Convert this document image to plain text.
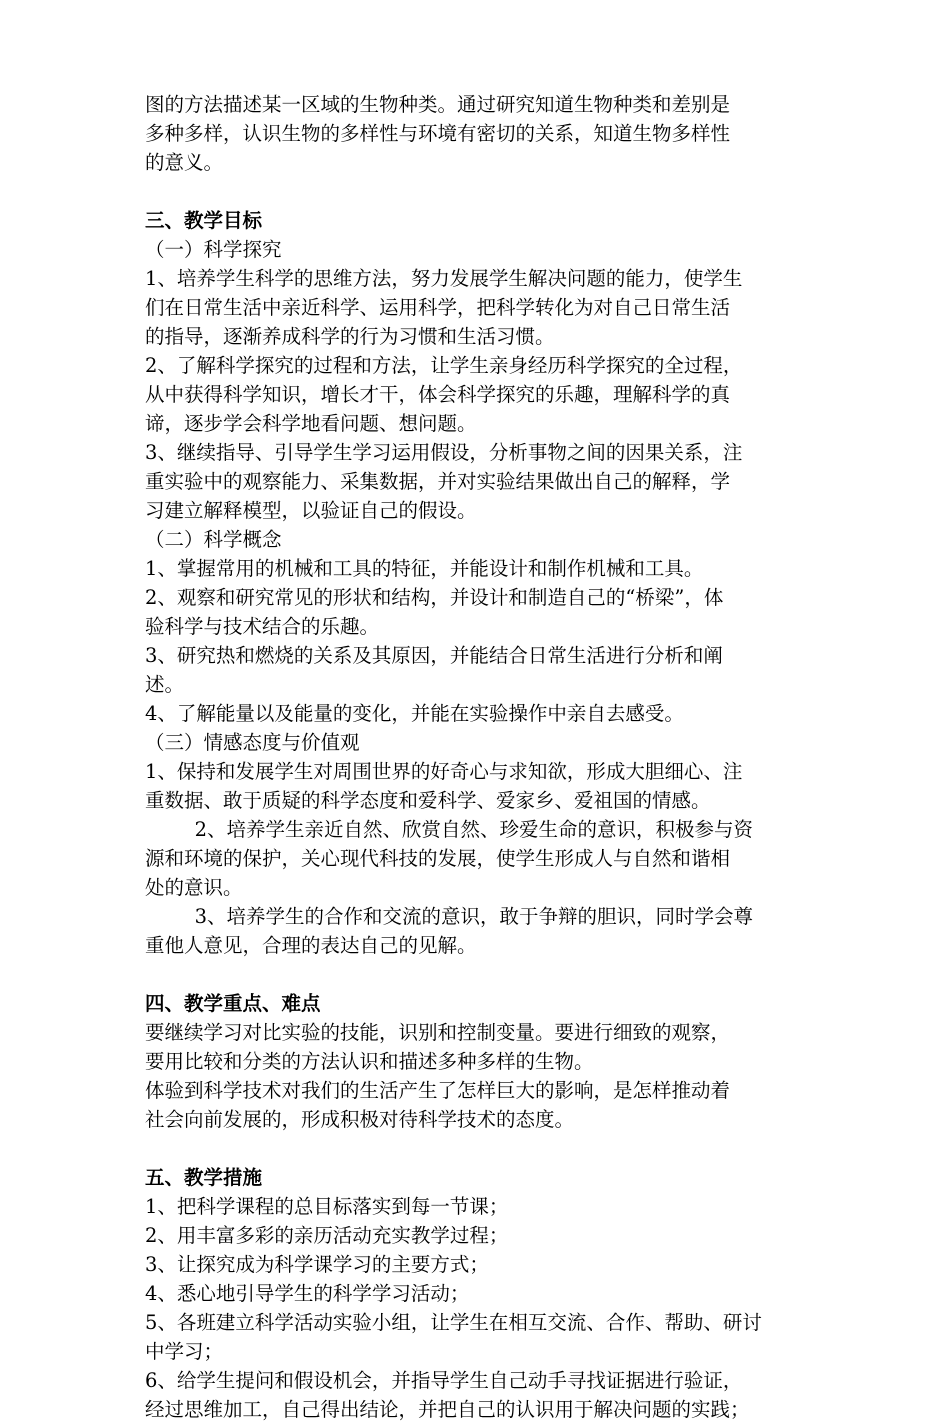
图的方法描述某一区域的生物种类。通过研究知道生物种类和差别是
多种多样，认识生物的多样性与环境有密切的关系，知道生物多样性
的意义。
三、教学目标
（一）科学探究
1、培养学生科学的思维方法，努力发展学生解决问题的能力，使学生
们在日常生活中亲近科学、运用科学，把科学转化为对自己日常生活
的指导，逐渐养成科学的行为习惯和生活习惯。
2、了解科学探究的过程和方法，让学生亲身经历科学探究的全过程，
从中获得科学知识，增长才干，体会科学探究的乐趣，理解科学的真
谛，逐步学会科学地看问题、想问题。
3、继续指导、引导学生学习运用假设，分析事物之间的因果关系，注
重实验中的观察能力、采集数据，并对实验结果做出自己的解释，学
习建立解释模型，以验证自己的假设。
（二）科学概念
1、掌握常用的机械和工具的特征，并能设计和制作机械和工具。
2、观察和研究常见的形状和结构，并设计和制造自己的“桥梁”，体
验科学与技术结合的乐趣。
3、研究热和燃烧的关系及其原因，并能结合日常生活进行分析和阐
述。
4、了解能量以及能量的变化，并能在实验操作中亲自去感受。
（三）情感态度与价值观
1、保持和发展学生对周围世界的好奇心与求知欲，形成大胆细心、注
重数据、敢于质疑的科学态度和爱科学、爱家乡、爱祖国的情感。
2、培养学生亲近自然、欣赏自然、珍爱生命的意识，积极参与资
源和环境的保护，关心现代科技的发展，使学生形成人与自然和谐相
处的意识。
3、培养学生的合作和交流的意识，敢于争辩的胆识，同时学会尊
重他人意见，合理的表达自己的见解。
四、教学重点、难点
要继续学习对比实验的技能，识别和控制变量。要进行细致的观察，
要用比较和分类的方法认识和描述多种多样的生物。
体验到科学技术对我们的生活产生了怎样巨大的影响，是怎样推动着
社会向前发展的，形成积极对待科学技术的态度。
五、教学措施
1、把科学课程的总目标落实到每一节课；
2、用丰富多彩的亲历活动充实教学过程；
3、让探究成为科学课学习的主要方式；
4、悉心地引导学生的科学学习活动；
5、各班建立科学活动实验小组，让学生在相互交流、合作、帮助、研讨
中学习；
6、给学生提问和假设机会，并指导学生自己动手寻找证据进行验证，
经过思维加工，自己得出结论，并把自己的认识用于解决问题的实践；
